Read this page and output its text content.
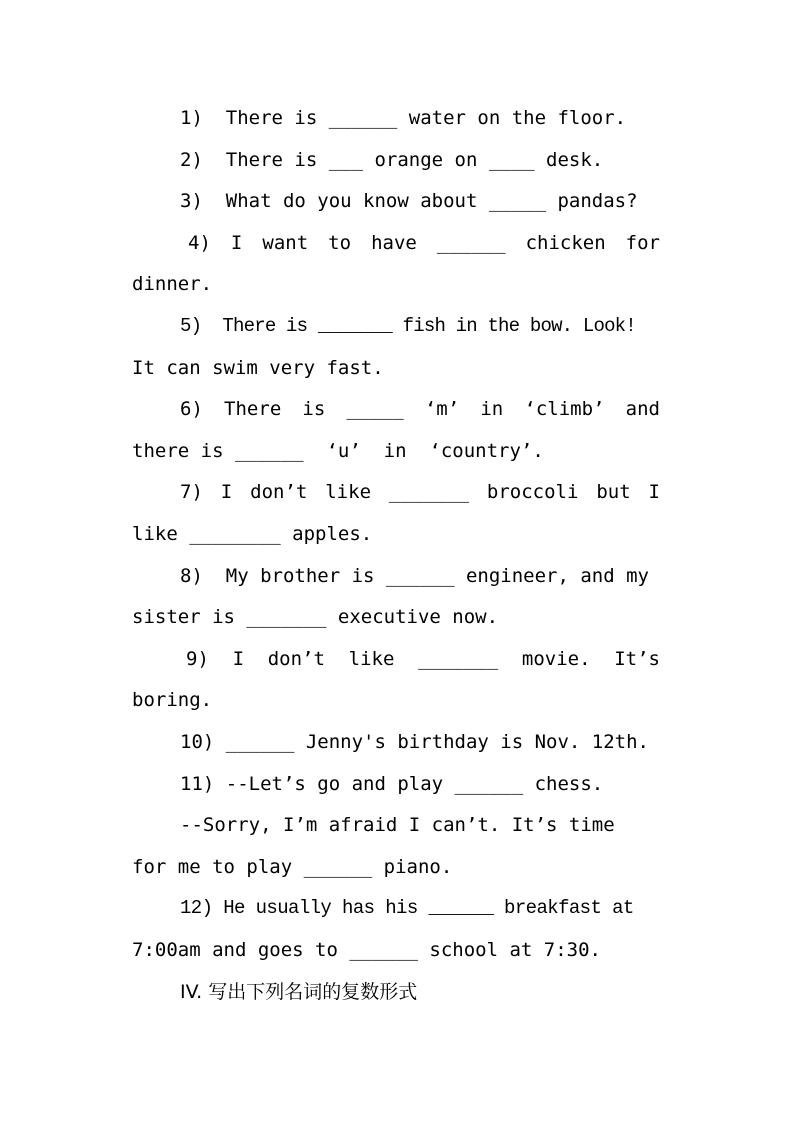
1)  There is ______ water on the floor.
2)  There is ___ orange on ____ desk.
3)  What do you know about _____ pandas?
4) I want to have ______ chicken for
dinner.
5)  There is _______ fish in the bow. Look!
It can swim very fast.
6) There is _____ ‘m’ in ‘climb’ and
there is ______  ‘u’  in  ‘country’.
7) I don’t like _______ broccoli but I
like ________ apples.
8)  My brother is ______ engineer, and my
sister is _______ executive now.
9) I don’t like _______ movie. It’s
boring.
10) ______ Jenny's birthday is Nov. 12th.
11) --Let’s go and play ______ chess.
--Sorry, I’m afraid I can’t. It’s time
for me to play ______ piano.
12) He usually has his ______ breakfast at
7:00am and goes to ______ school at 7:30.
IV. 写出下列名词的复数形式
